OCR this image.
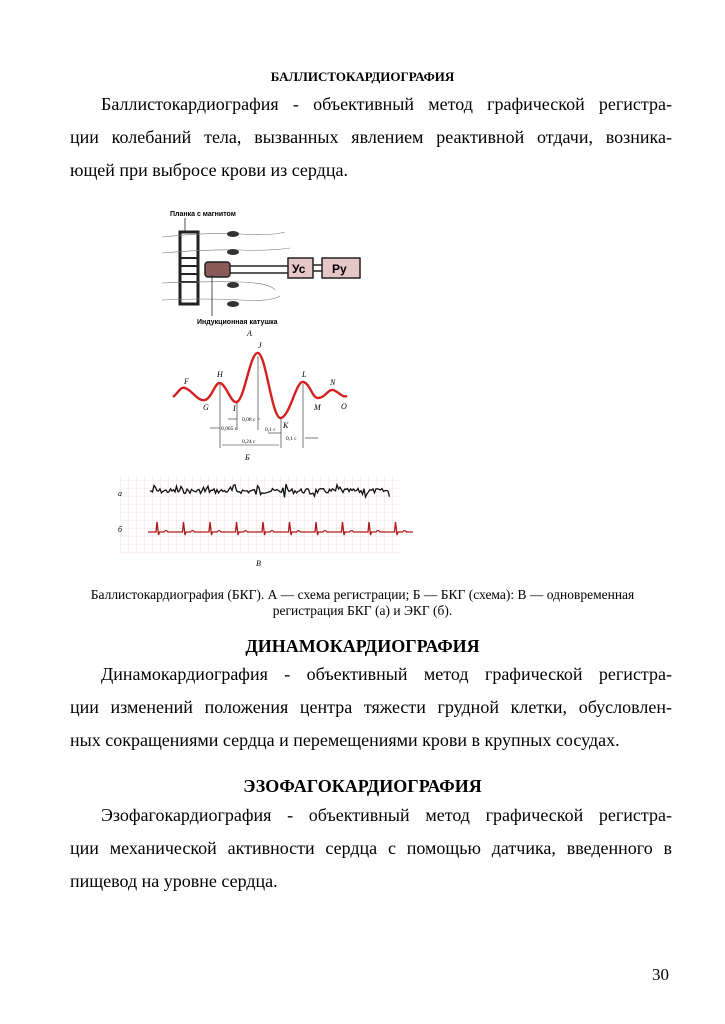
БАЛЛИСТОКАРДИОГРАФИЯ
Баллистокардиография - объективный метод графической регистра-
ции колебаний тела, вызванных явлением реактивной отдачи, возника-
ющей при выбросе крови из сердца.
Планка с магнитом
Ус Ру
Индукционная катушка
А
F
G
H
I
J
K
L
M
N
O
0,08 с
0,065 с	0,1 с
0,1 с
0,24 с
Б
а
б
В
Баллистокардиография (БКГ). А — схема регистрации; Б — БКГ (схема): В — одновременная
регистрация БКГ (а) и ЭКГ (б).
ДИНАМОКАРДИОГРАФИЯ
Динамокардиография - объективный метод графической регистра-
ции изменений положения центра тяжести грудной клетки, обусловлен-
ных сокращениями сердца и перемещениями крови в крупных сосудах.
ЭЗОФАГОКАРДИОГРАФИЯ
Эзофагокардиография - объективный метод графической регистра-
ции механической активности сердца с помощью датчика, введенного в
пищевод на уровне сердца.
30
